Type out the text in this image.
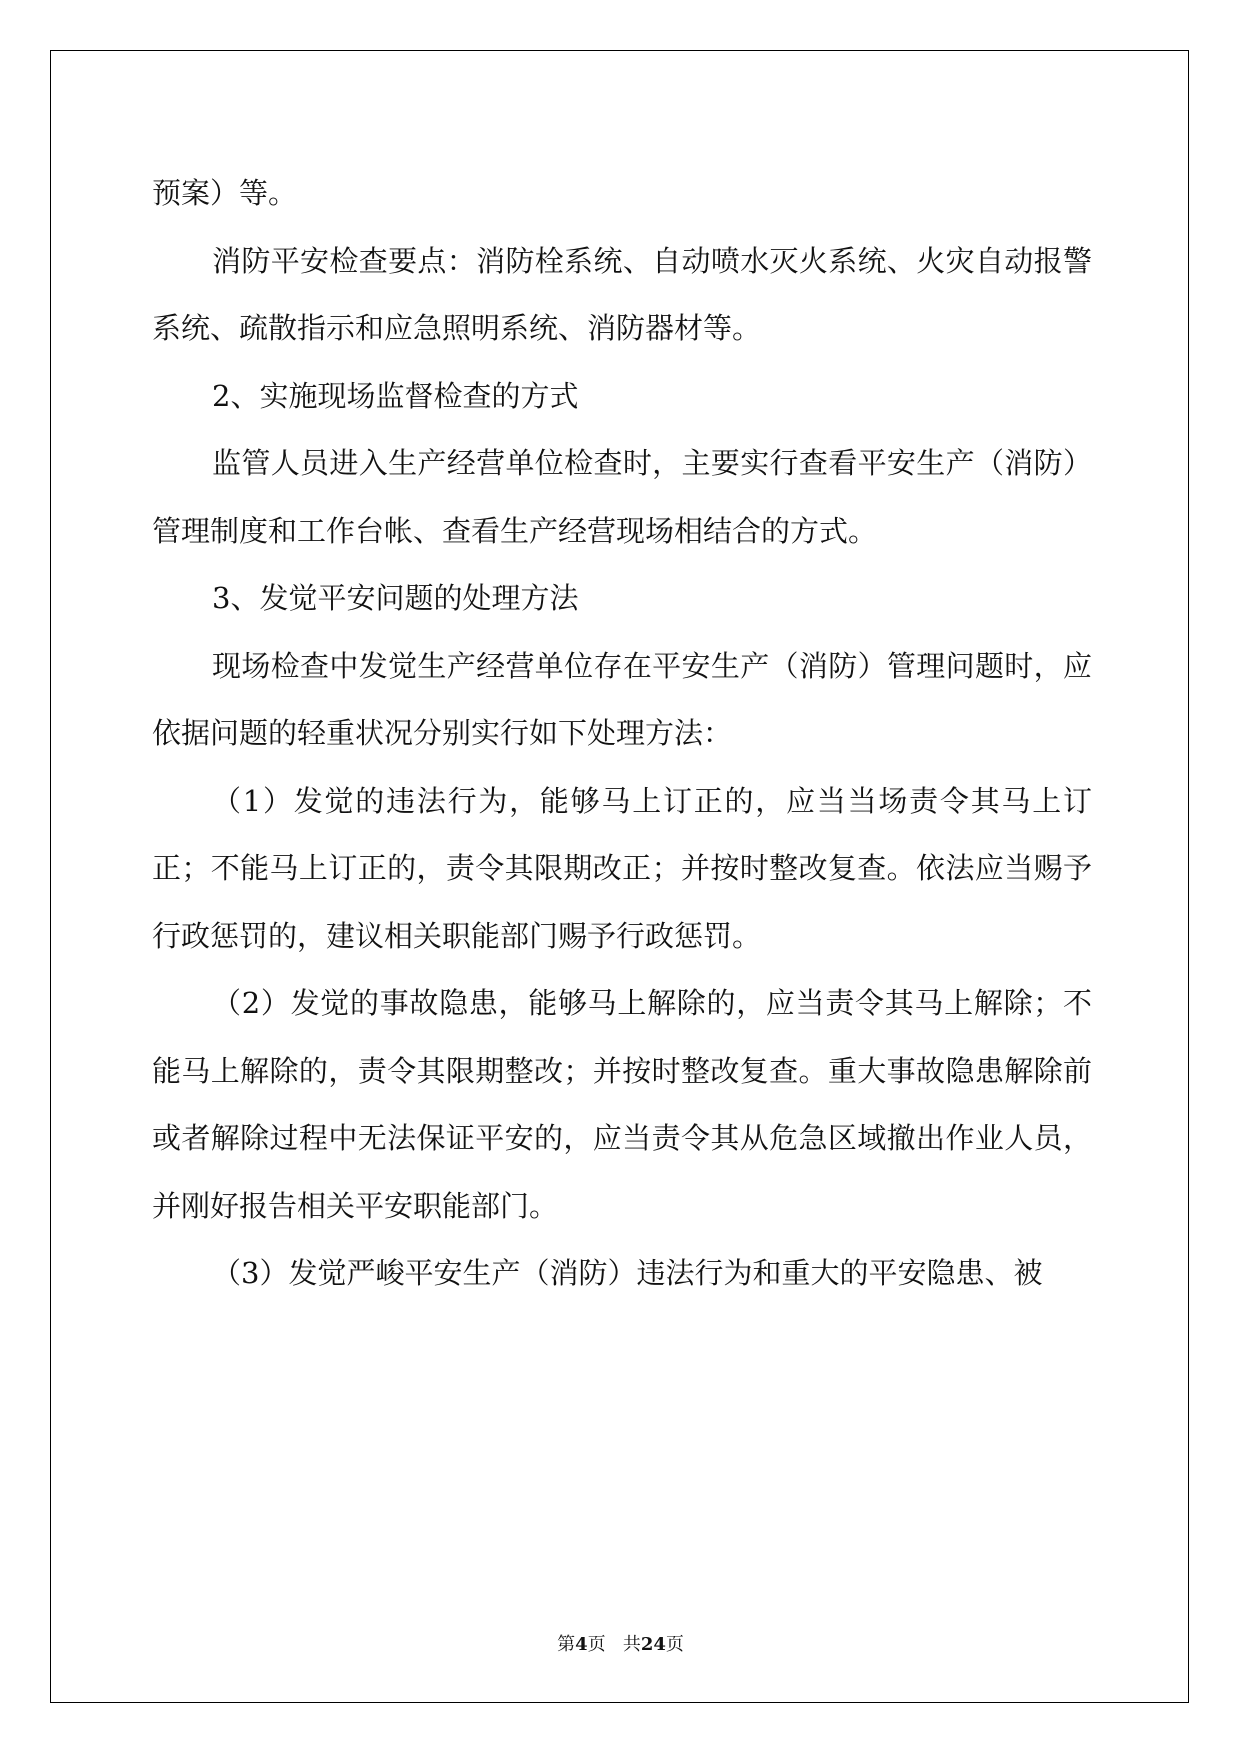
预案）等。

消防平安检查要点：消防栓系统、自动喷水灭火系统、火灾自动报警系统、疏散指示和应急照明系统、消防器材等。

2、实施现场监督检查的方式

监管人员进入生产经营单位检查时，主要实行查看平安生产（消防）管理制度和工作台帐、查看生产经营现场相结合的方式。

3、发觉平安问题的处理方法

现场检查中发觉生产经营单位存在平安生产（消防）管理问题时，应依据问题的轻重状况分别实行如下处理方法：

（1）发觉的违法行为，能够马上订正的，应当当场责令其马上订正；不能马上订正的，责令其限期改正；并按时整改复查。依法应当赐予行政惩罚的，建议相关职能部门赐予行政惩罚。

（2）发觉的事故隐患，能够马上解除的，应当责令其马上解除；不能马上解除的，责令其限期整改；并按时整改复查。重大事故隐患解除前或者解除过程中无法保证平安的，应当责令其从危急区域撤出作业人员，并刚好报告相关平安职能部门。

（3）发觉严峻平安生产（消防）违法行为和重大的平安隐患、被

第4页 共24页
